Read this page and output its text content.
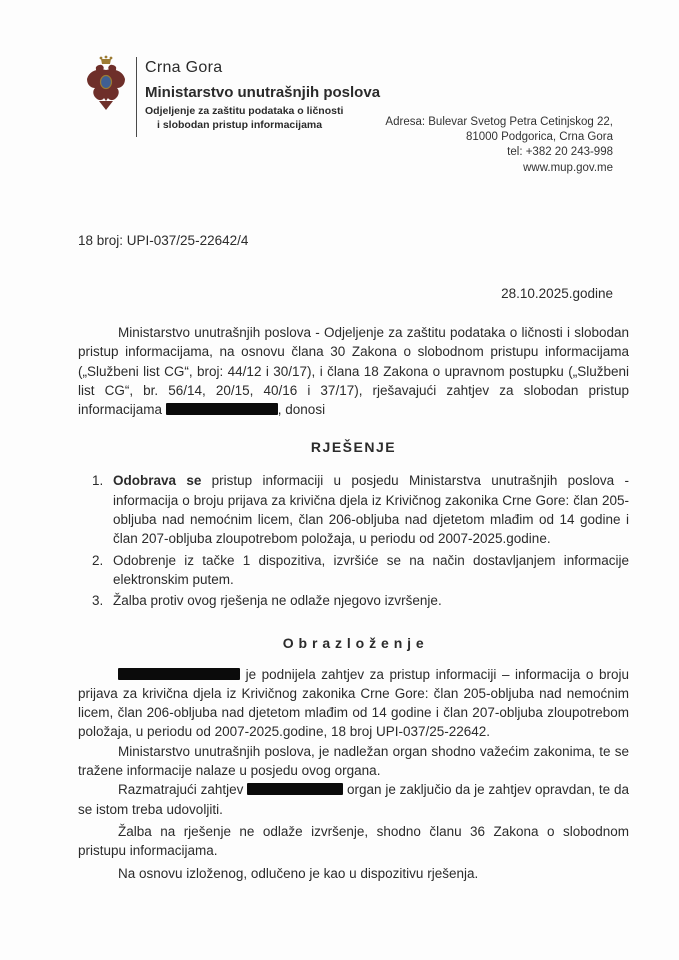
Crna Gora
Ministarstvo unutrašnjih poslova
Odjeljenje za zaštitu podataka o ličnosti
i slobodan pristup informacijama	Adresa: Bulevar Svetog Petra Cetinjskog 22,
81000 Podgorica, Crna Gora
tel: +382 20 243-998
www.mup.gov.me
18 broj: UPI-037/25-22642/4
28.10.2025.godine

Ministarstvo unutrašnjih poslova - Odjeljenje za zaštitu podataka o ličnosti i slobodan pristup informacijama, na osnovu člana 30 Zakona o slobodnom pristupu informacijama („Službeni list CG“, broj: 44/12 i 30/17), i člana 18 Zakona o upravnom postupku („Službeni list CG“, br. 56/14, 20/15, 40/16 i 37/17), rješavajući zahtjev za slobodan pristup informacijama	, donosi

RJEŠENJE
1. Odobrava se pristup informaciji u posjedu Ministarstva unutrašnjih poslova - informacija o broju prijava za krivična djela iz Krivičnog zakonika Crne Gore: član 205-obljuba nad nemoćnim licem, član 206-obljuba nad djetetom mlađim od 14 godine i član 207-obljuba zloupotrebom položaja, u periodu od 2007-2025.godine.
2. Odobrenje iz tačke 1 dispozitiva, izvršiće se na način dostavljanjem informacije elektronskim putem.
3. Žalba protiv ovog rješenja ne odlaže njegovo izvršenje.
O b r a z l o ž e n j e

je podnijela zahtjev za pristup informaciji – informacija o broju prijava za krivična djela iz Krivičnog zakonika Crne Gore: član 205-obljuba nad nemoćnim licem, član 206-obljuba nad djetetom mlađim od 14 godine i član 207-obljuba zloupotrebom položaja, u periodu od 2007-2025.godine, 18 broj UPI-037/25-22642.

Ministarstvo unutrašnjih poslova, je nadležan organ shodno važećim zakonima, te se tražene informacije nalaze u posjedu ovog organa.

Razmatrajući zahtjev	organ je zaključio da je zahtjev opravdan, te da se istom treba udovoljiti.

Žalba na rješenje ne odlaže izvršenje, shodno članu 36 Zakona o slobodnom pristupu informacijama.

Na osnovu izloženog, odlučeno je kao u dispozitivu rješenja.
